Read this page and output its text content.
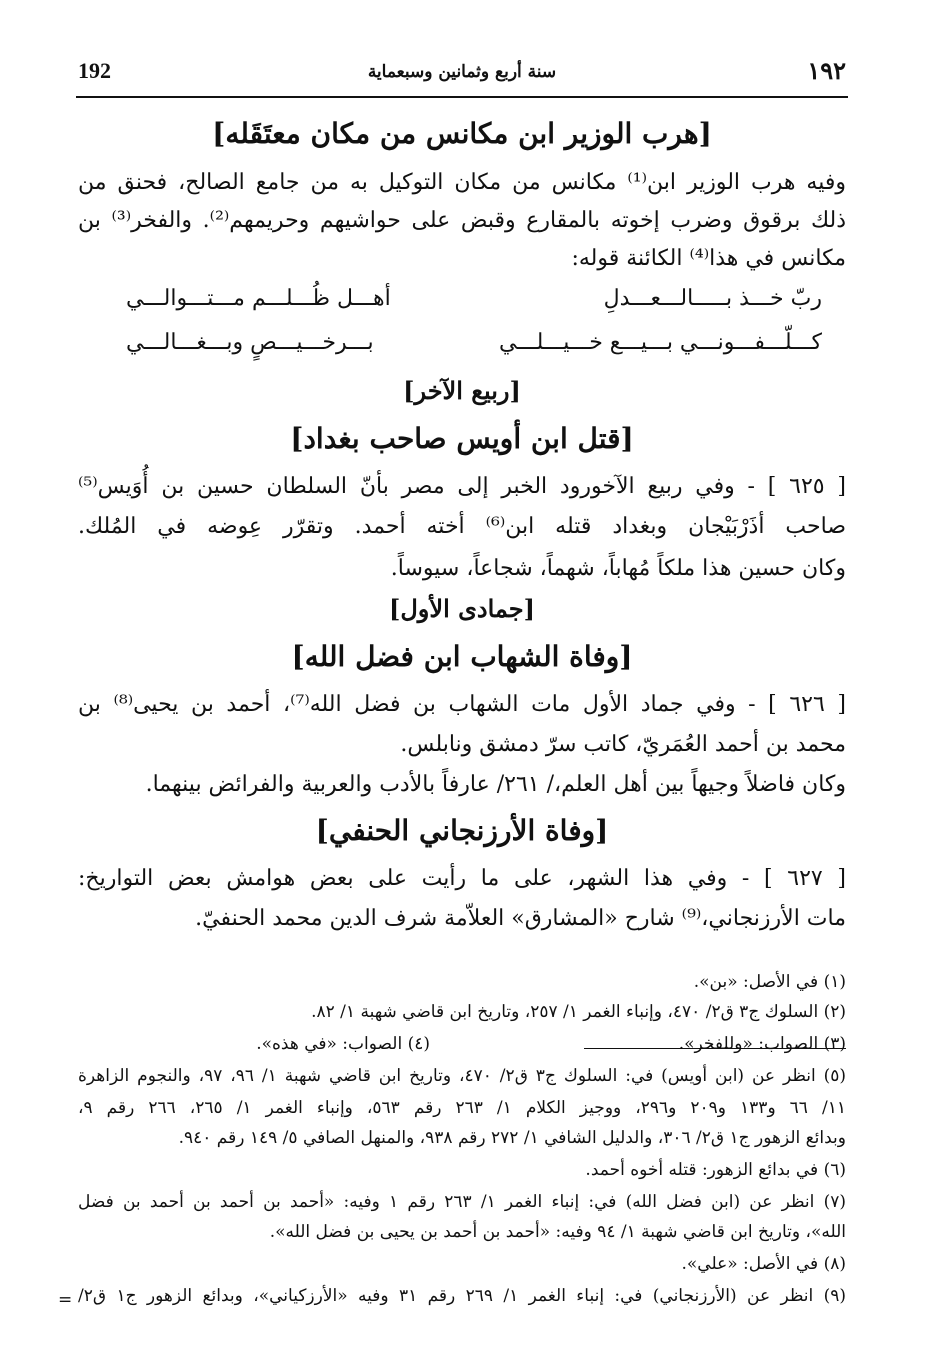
192	سنة أربع وثمانين وسبعماية	١٩٢
[هرب الوزير ابن مكانس من مكان معتَقَله]
وفيه هرب الوزير ابن⁽¹⁾ مكانس من مكان التوكيل به من جامع الصالح، فحنق من
ذلك برقوق وضرب إخوته بالمقارع وقبض على حواشيهم وحريمهم⁽²⁾. والفخر⁽³⁾ بن
مكانس في هذا⁽⁴⁾ الكائنة قوله:
ربّ خـــذ بـــــالـــعـــدلِ
أهـــل ظُـــلـــم مـــتـــوالـــي
كـــلّـــفـــونـــي بـــيـــع خـــيـــلـــي
بـــرخـــيـــصٍ وبـــغـــالـــي
[ربيع الآخر]
[قتل ابن أويس صاحب بغداد]
[ ٦٢٥ ] - وفي ربيع الآخورود الخبر إلى مصر بأنّ السلطان حسين بن أُوَيس⁽⁵⁾
صاحب أذَرْبَيْجان وبغداد قتله ابن⁽⁶⁾ أخته أحمد. وتقرّر عِوضه في المُلك.
وكان حسين هذا ملكاً مُهاباً، شهماً، شجاعاً، سيوساً.
[جمادى الأول]
[وفاة الشهاب ابن فضل الله]
[ ٦٢٦ ] - وفي جماد الأول مات الشهاب بن فضل الله⁽⁷⁾، أحمد بن يحيى⁽⁸⁾ بن
محمد بن أحمد العُمَريّ، كاتب سرّ دمشق ونابلس.
وكان فاضلاً وجيهاً بين أهل العلم،/ ٢٦١/ عارفاً بالأدب والعربية والفرائض بينهما.
[وفاة الأرزنجاني الحنفي]
[ ٦٢٧ ] - وفي هذا الشهر، على ما رأيت على بعض هوامش بعض التواريخ:
مات الأرزنجاني،⁽⁹⁾ شارح «المشارق» العلاّمة شرف الدين محمد الحنفيّ.
(١) في الأصل: «بن».
(٢) السلوك ج٣ ق٢/ ٤٧٠، وإنباء الغمر ١/ ٢٥٧، وتاريخ ابن قاضي شهبة ١/ ٨٢.
(٣) الصواب: «وللفخر».
(٤) الصواب: «في هذه».
(٥) انظر عن (ابن أويس) في: السلوك ج٣ ق٢/ ٤٧٠، وتاريخ ابن قاضي شهبة ١/ ٩٦، ٩٧، والنجوم الزاهرة
١١/ ٦٦ و١٣٣ و٢٠٩ و٢٩٦، ووجيز الكلام ١/ ٢٦٣ رقم ٥٦٣، وإنباء الغمر ١/ ٢٦٥، ٢٦٦ رقم ٩،
وبدائع الزهور ج١ ق٢/ ٣٠٦، والدليل الشافي ١/ ٢٧٢ رقم ٩٣٨، والمنهل الصافي ٥/ ١٤٩ رقم ٩٤٠.
(٦) في بدائع الزهور: قتله أخوه أحمد.
(٧) انظر عن (ابن فضل الله) في: إنباء الغمر ١/ ٢٦٣ رقم ١ وفيه: «أحمد بن أحمد بن أحمد بن فضل
الله»، وتاريخ ابن قاضي شهبة ١/ ٩٤ وفيه: «أحمد بن أحمد بن يحيى بن فضل الله».
(٨) في الأصل: «علي».
(٩) انظر عن (الأرزنجاني) في: إنباء الغمر ١/ ٢٦٩ رقم ٣١ وفيه «الأرزكياني»، وبدائع الزهور ج١ ق٢/
=
